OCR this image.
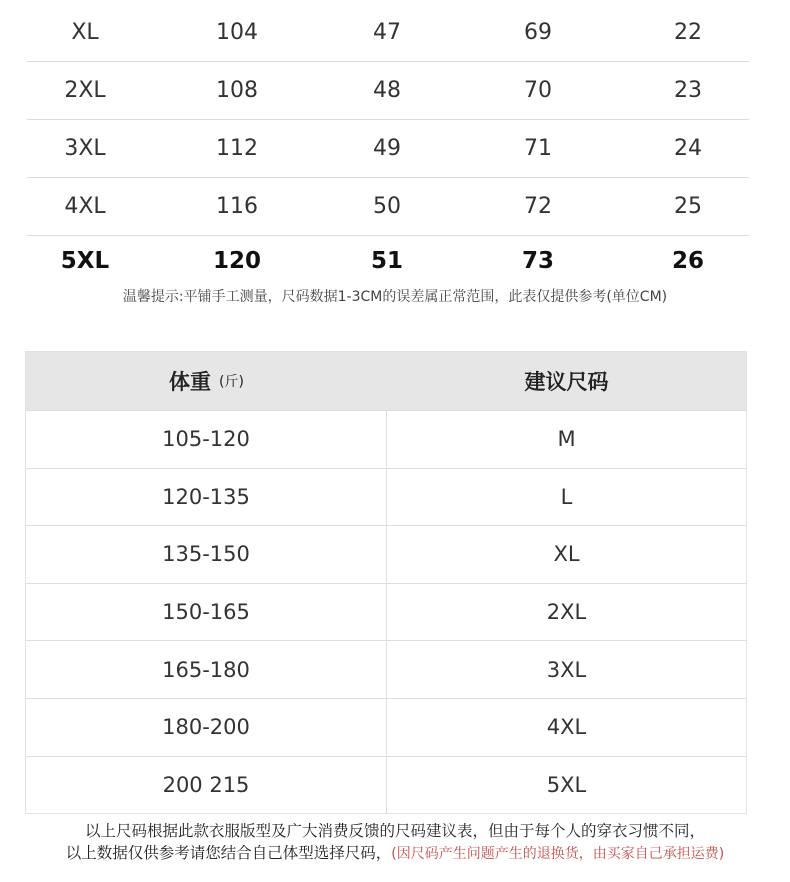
XL	104	47	69	22
2XL	108	48	70	23
3XL	112	49	71	24
4XL	116	50	72	25
5XL	120	51	73	26
温馨提示:平铺手工测量，尺码数据1-3CM的误差属正常范围，此表仅提供参考(单位CM)
体重 (斤)	建议尺码
105-120	M
120-135	L
135-150	XL
150-165	2XL
165-180	3XL
180-200	4XL
200 215	5XL
以上尺码根据此款衣服版型及广大消费反馈的尺码建议表，但由于每个人的穿衣习惯不同，
以上数据仅供参考请您结合自己体型选择尺码，(因尺码产生问题产生的退换货，由买家自己承担运费)
